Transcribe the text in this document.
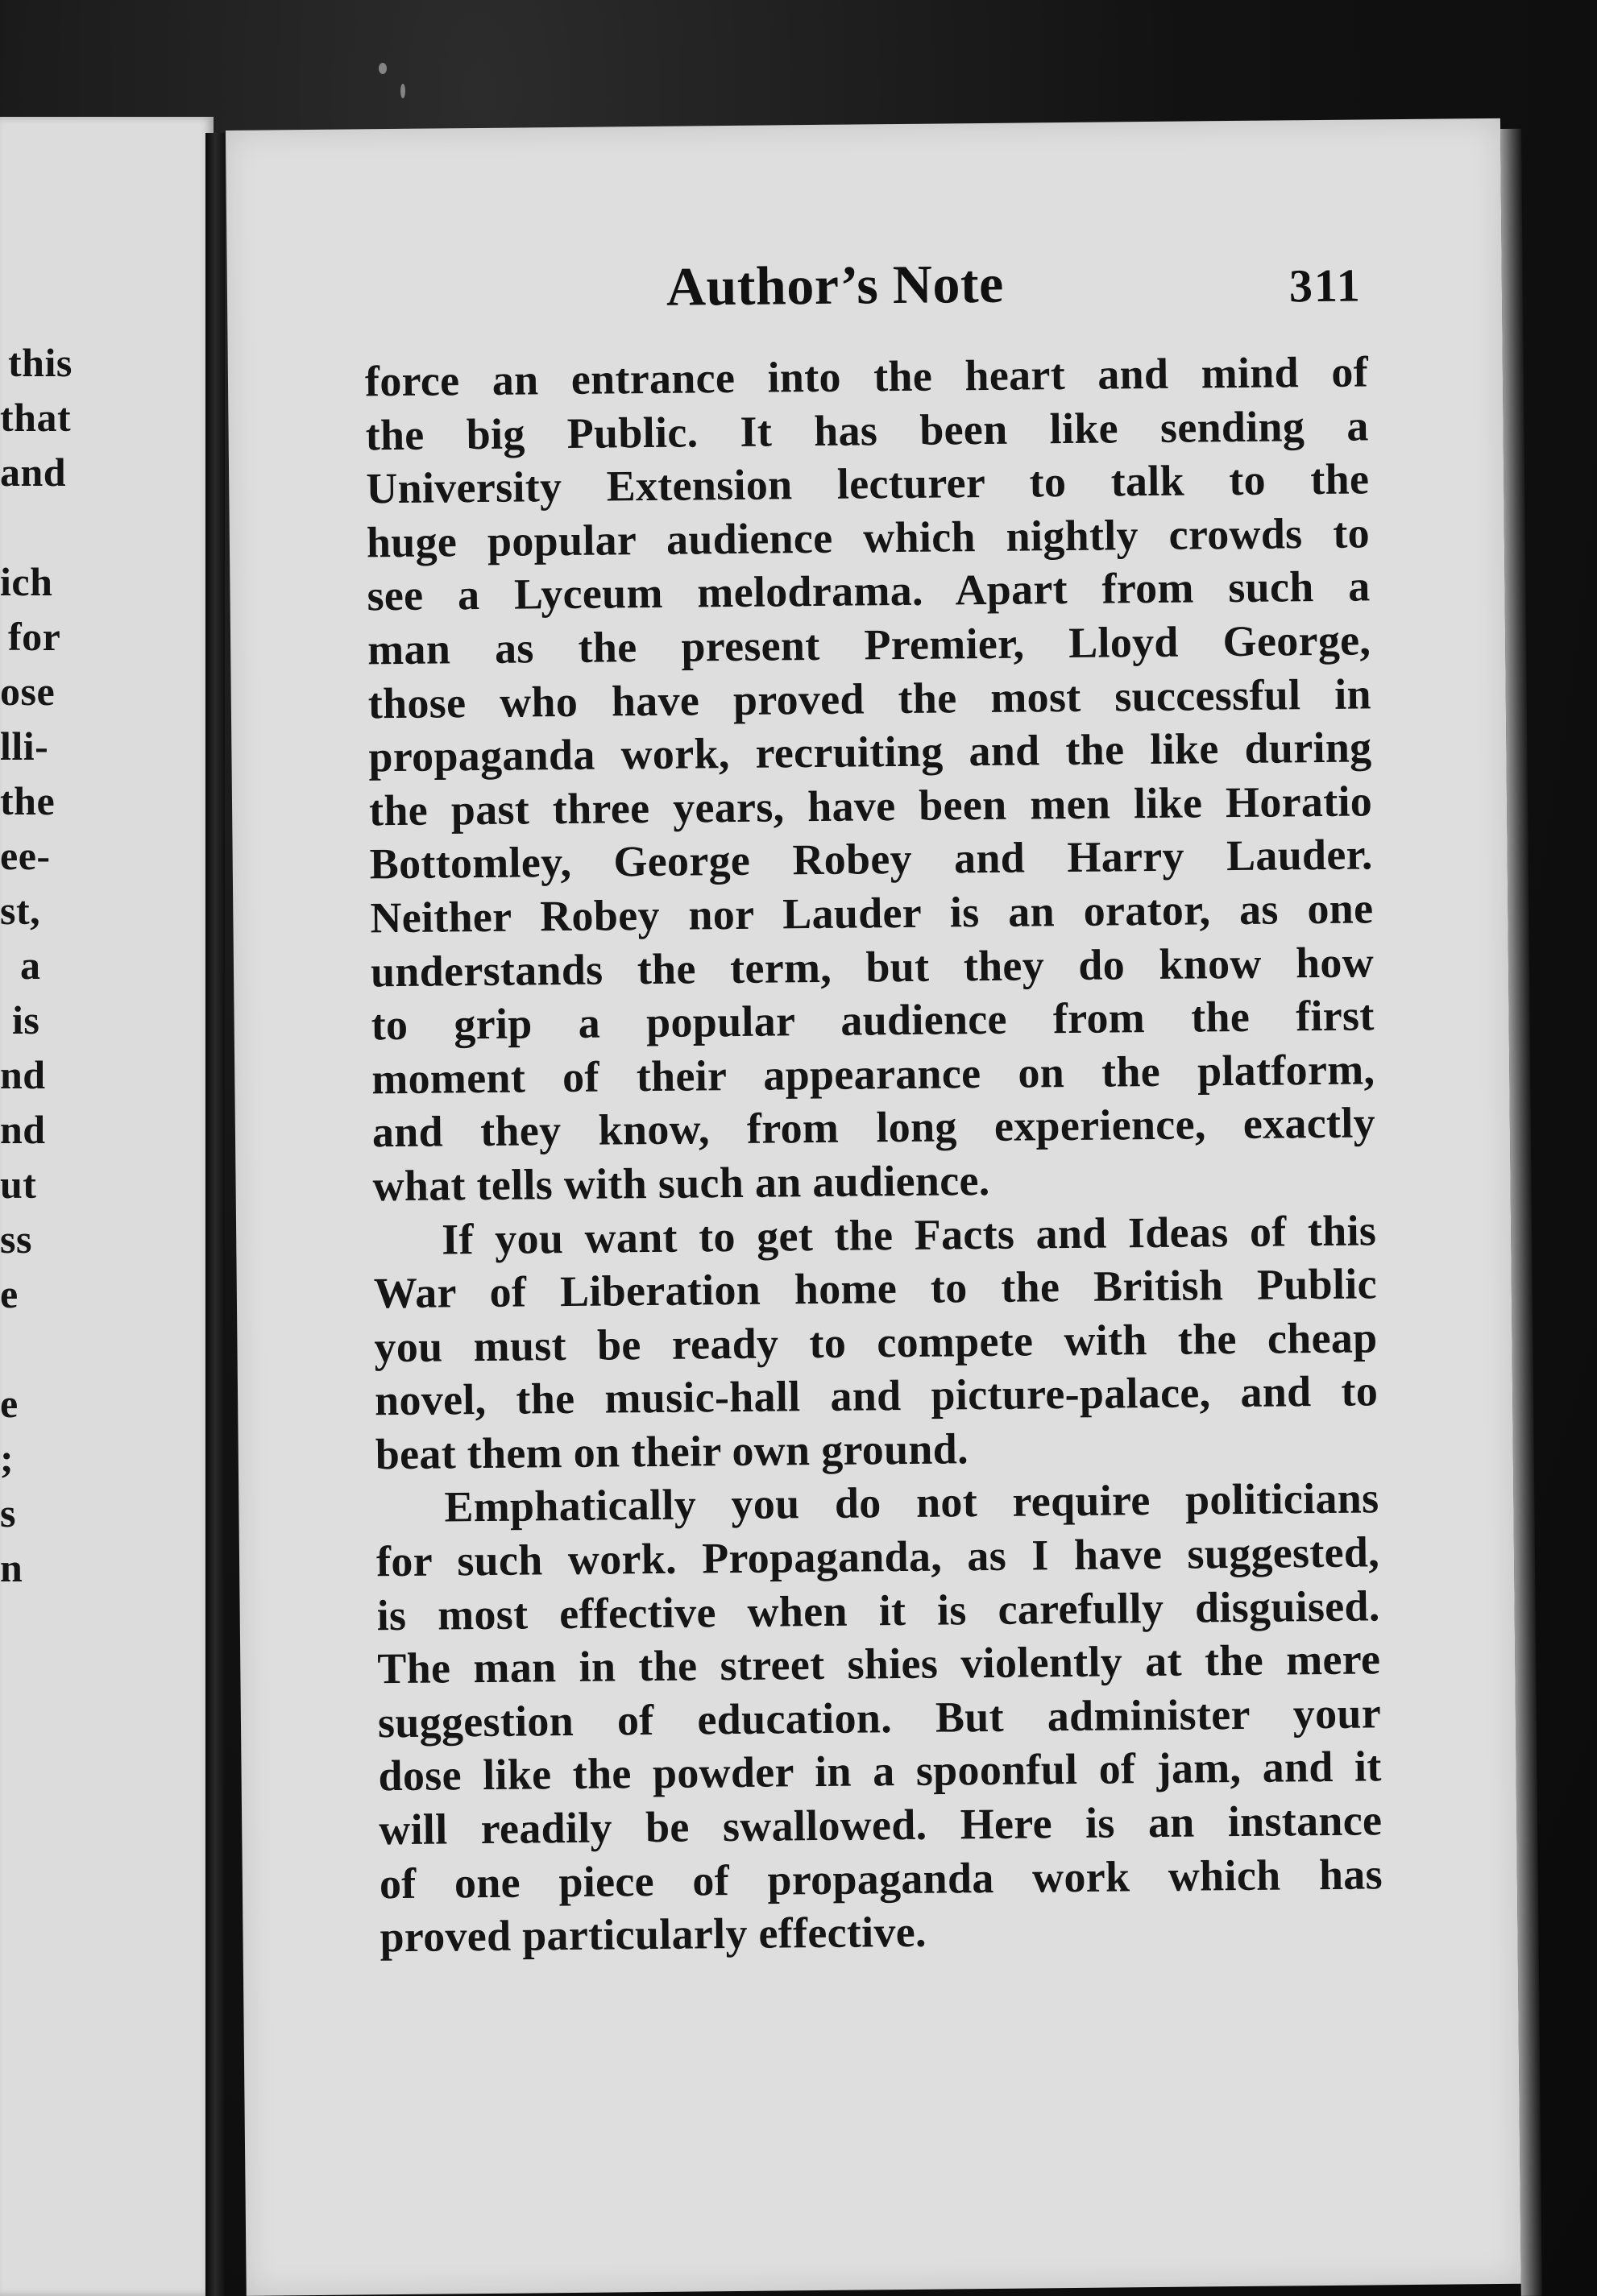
this
that
and
ich
for
ose
lli-
the
ee-
st,
a
is
nd
nd
ut
ss
e
e
;
s
n
Author’s Note	311
force an entrance into the heart and mind of
the big Public. It has been like sending a
University Extension lecturer to talk to the
huge popular audience which nightly crowds to
see a Lyceum melodrama. Apart from such a
man as the present Premier, Lloyd George,
those who have proved the most successful in
propaganda work, recruiting and the like during
the past three years, have been men like Horatio
Bottomley, George Robey and Harry Lauder.
Neither Robey nor Lauder is an orator, as one
understands the term, but they do know how
to grip a popular audience from the first
moment of their appearance on the platform,
and they know, from long experience, exactly
what tells with such an audience.
If you want to get the Facts and Ideas of this
War of Liberation home to the British Public
you must be ready to compete with the cheap
novel, the music-hall and picture-palace, and to
beat them on their own ground.
Emphatically you do not require politicians
for such work. Propaganda, as I have suggested,
is most effective when it is carefully disguised.
The man in the street shies violently at the mere
suggestion of education. But administer your
dose like the powder in a spoonful of jam, and it
will readily be swallowed. Here is an instance
of one piece of propaganda work which has
proved particularly effective.
